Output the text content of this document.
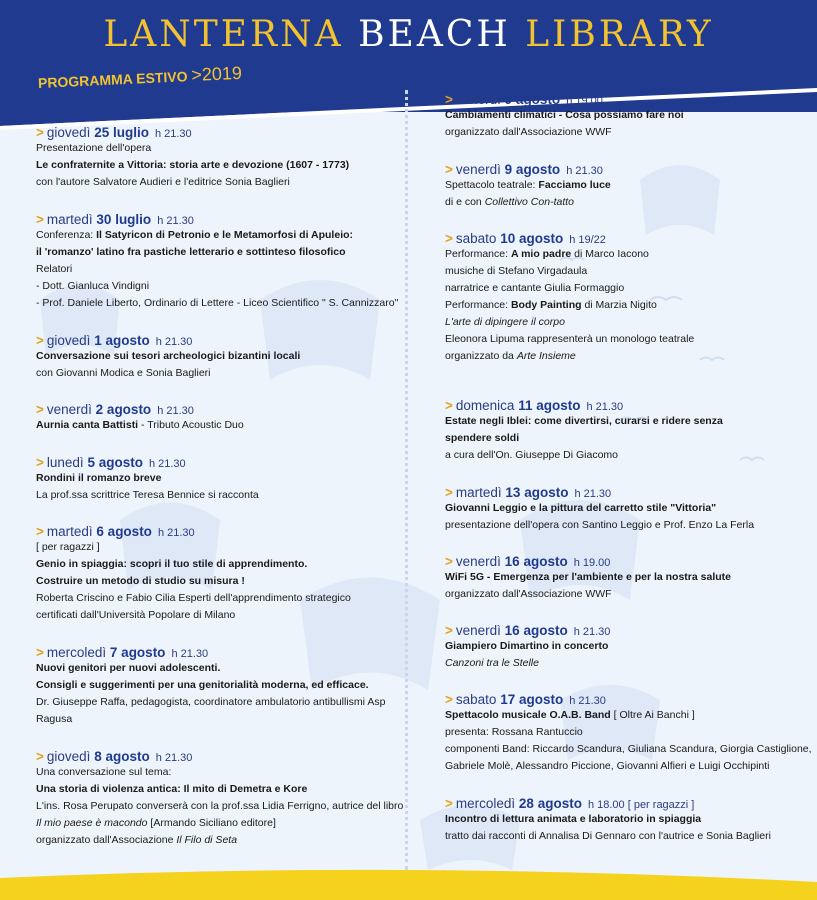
LANTERNA BEACH LIBRARY
PROGRAMMA ESTIVO >2019
> giovedì 25 luglio h 21.30
Presentazione dell'opera
Le confraternite a Vittoria: storia arte e devozione (1607 - 1773)
con l'autore Salvatore Audieri e l'editrice Sonia Baglieri
> martedì 30 luglio h 21.30
Conferenza: Il Satyricon di Petronio e le Metamorfosi di Apuleio:
il 'romanzo' latino fra pastiche letterario e sottinteso filosofico
Relatori
- Dott. Gianluca Vindigni
- Prof. Daniele Liberto, Ordinario di Lettere - Liceo Scientifico " S. Cannizzaro"
> giovedì 1 agosto h 21.30
Conversazione sui tesori archeologici bizantini locali
con Giovanni Modica e Sonia Baglieri
> venerdì 2 agosto h 21.30
Aurnia canta Battisti - Tributo Acoustic Duo
> lunedì 5 agosto h 21.30
Rondini il romanzo breve
La prof.ssa scrittrice Teresa Bennice si racconta
> martedì 6 agosto h 21.30
[ per ragazzi ]
Genio in spiaggia: scopri il tuo stile di apprendimento.
Costruire un metodo di studio su misura !
Roberta Criscino e Fabio Cilia Esperti dell'apprendimento strategico
certificati dall'Università Popolare di Milano
> mercoledì 7 agosto h 21.30
Nuovi genitori per nuovi adolescenti.
Consigli e suggerimenti per una genitorialità moderna, ed efficace.
Dr. Giuseppe Raffa, pedagogista, coordinatore ambulatorio antibullismi Asp
Ragusa
> giovedì 8 agosto h 21.30
Una conversazione sul tema:
Una storia di violenza antica: Il mito di Demetra e Kore
L'ins. Rosa Perupato converserà con la prof.ssa Lidia Ferrigno, autrice del libro
Il mio paese è macondo [Armando Siciliano editore]
organizzato dall'Associazione Il Filo di Seta
> venerdì 9 agosto h 19.00
Cambiamenti climatici - Cosa possiamo fare noi
organizzato dall'Associazione WWF
> venerdì 9 agosto h 21.30
Spettacolo teatrale: Facciamo luce
di e con Collettivo Con-tatto
> sabato 10 agosto h 19/22
Performance: A mio padre di Marco Iacono
musiche di Stefano Virgadaula
narratrice e cantante Giulia Formaggio
Performance: Body Painting di Marzia Nigito
L'arte di dipingere il corpo
Eleonora Lipuma rappresenterà un monologo teatrale
organizzato da Arte Insieme
> domenica 11 agosto h 21.30
Estate negli Iblei: come divertirsi, curarsi e ridere senza
spendere soldi
a cura dell'On. Giuseppe Di Giacomo
> martedì 13 agosto h 21.30
Giovanni Leggio e la pittura del carretto stile "Vittoria"
presentazione dell'opera con Santino Leggio e Prof. Enzo La Ferla
> venerdì 16 agosto h 19.00
WiFi 5G - Emergenza per l'ambiente e per la nostra salute
organizzato dall'Associazione WWF
> venerdì 16 agosto h 21.30
Giampiero Dimartino in concerto
Canzoni tra le Stelle
> sabato 17 agosto h 21.30
Spettacolo musicale O.A.B. Band [ Oltre Ai Banchi ]
presenta: Rossana Rantuccio
componenti Band: Riccardo Scandura, Giuliana Scandura, Giorgia Castiglione,
Gabriele Molè, Alessandro Piccione, Giovanni Alfieri e Luigi Occhipinti
> mercoledì 28 agosto h 18.00 [ per ragazzi ]
Incontro di lettura animata e laboratorio in spiaggia
tratto dai racconti di Annalisa Di Gennaro con l'autrice e Sonia Baglieri
